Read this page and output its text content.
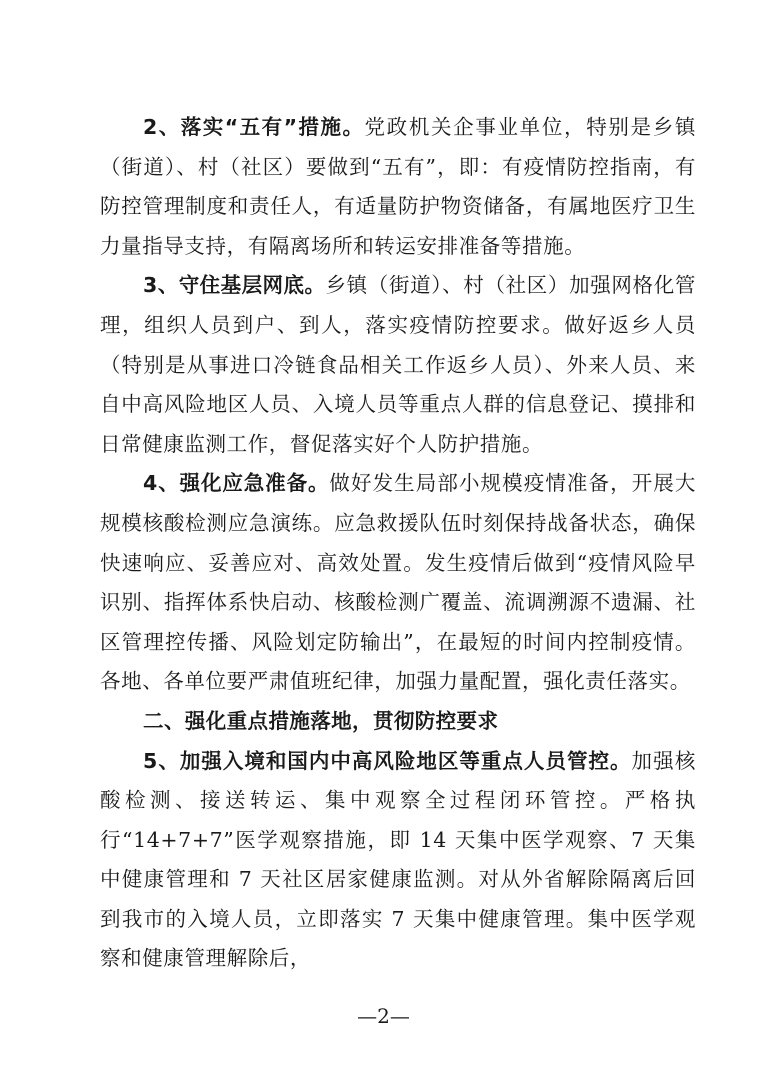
2、落实“五有”措施。党政机关企事业单位，特别是乡镇（街道）、村（社区）要做到“五有”，即：有疫情防控指南，有防控管理制度和责任人，有适量防护物资储备，有属地医疗卫生力量指导支持，有隔离场所和转运安排准备等措施。

3、守住基层网底。乡镇（街道）、村（社区）加强网格化管理，组织人员到户、到人，落实疫情防控要求。做好返乡人员（特别是从事进口冷链食品相关工作返乡人员）、外来人员、来自中高风险地区人员、入境人员等重点人群的信息登记、摸排和日常健康监测工作，督促落实好个人防护措施。

4、强化应急准备。做好发生局部小规模疫情准备，开展大规模核酸检测应急演练。应急救援队伍时刻保持战备状态，确保快速响应、妥善应对、高效处置。发生疫情后做到“疫情风险早识别、指挥体系快启动、核酸检测广覆盖、流调溯源不遗漏、社区管理控传播、风险划定防输出”，在最短的时间内控制疫情。各地、各单位要严肃值班纪律，加强力量配置，强化责任落实。

二、强化重点措施落地，贯彻防控要求

5、加强入境和国内中高风险地区等重点人员管控。加强核酸检测、接送转运、集中观察全过程闭环管控。严格执行“14+7+7”医学观察措施，即 14 天集中医学观察、7 天集中健康管理和 7 天社区居家健康监测。对从外省解除隔离后回到我市的入境人员，立即落实 7 天集中健康管理。集中医学观察和健康管理解除后，

—2—
